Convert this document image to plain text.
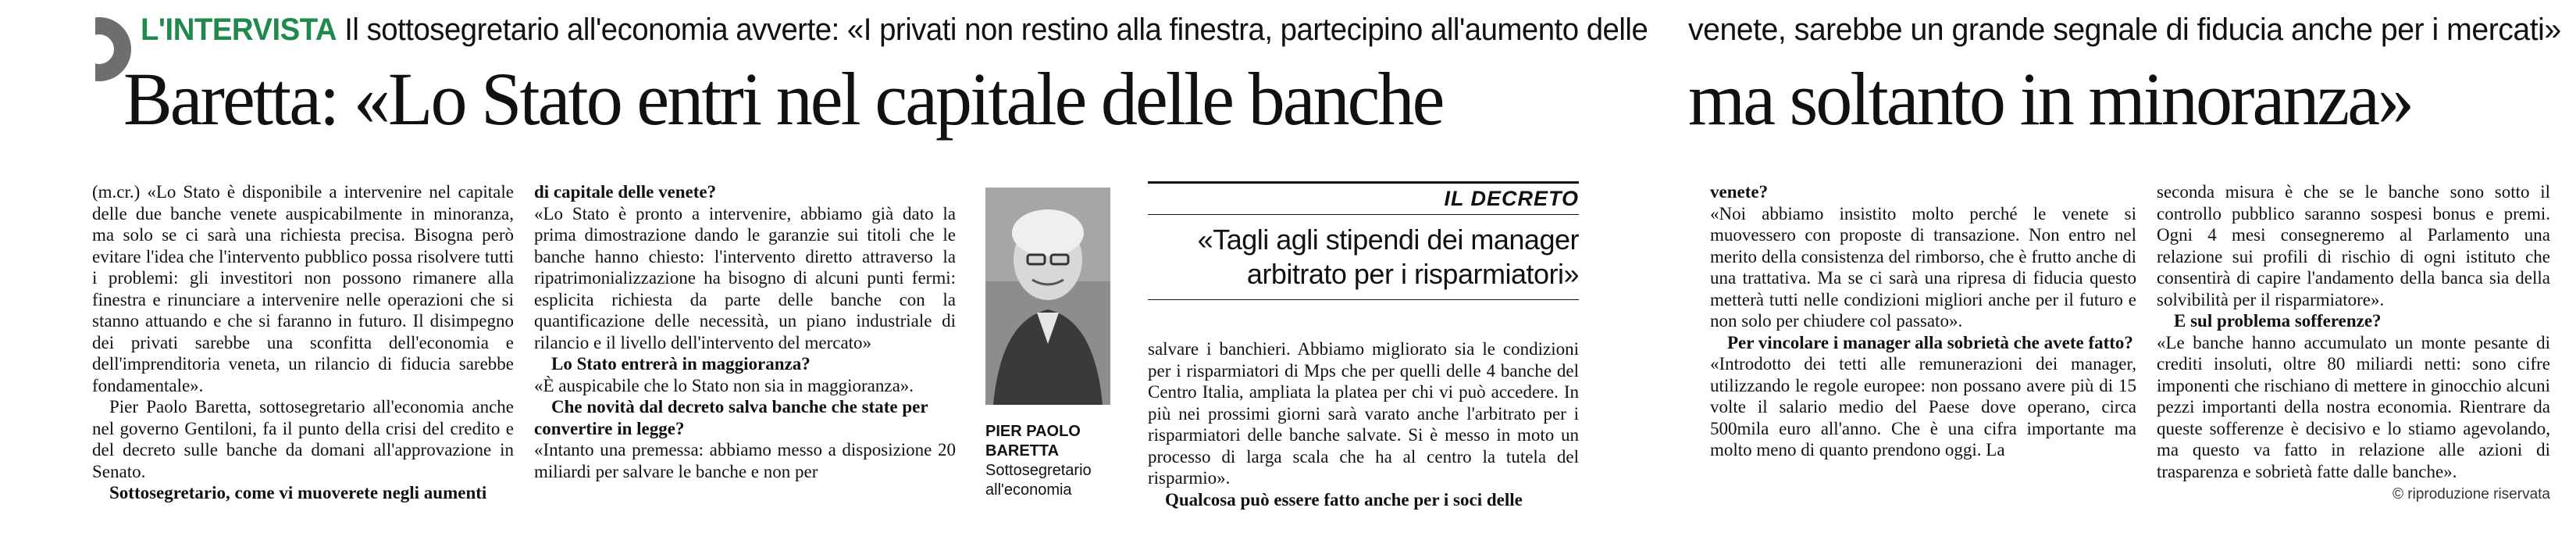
L'INTERVISTA Il sottosegretario all'economia avverte: «I privati non restino alla finestra, partecipino all'aumento delle venete, sarebbe un grande segnale di fiducia anche per i mercati»
Baretta: «Lo Stato entri nel capitale delle banche	ma soltanto in minoranza»

(m.cr.) «Lo Stato è disponibile a intervenire nel capitale delle due banche venete auspicabilmente in minoranza, ma solo se ci sarà una richiesta precisa. Bisogna però evitare l'idea che l'intervento pubblico possa risolvere tutti i problemi: gli investitori non possono rimanere alla finestra e rinunciare a intervenire nelle operazioni che si stanno attuando e che si faranno in futuro. Il disimpegno dei privati sarebbe una sconfitta dell'economia e dell'imprenditoria veneta, un rilancio di fiducia sarebbe fondamentale».

Pier Paolo Baretta, sottosegretario all'economia anche nel governo Gentiloni, fa il punto della crisi del credito e del decreto sulle banche da domani all'approvazione in Senato.

Sottosegretario, come vi muoverete negli aumenti

di capitale delle venete?

«Lo Stato è pronto a intervenire, abbiamo già dato la prima dimostrazione dando le garanzie sui titoli che le banche hanno chiesto: l'intervento diretto attraverso la ripatrimonializzazione ha bisogno di alcuni punti fermi: esplicita richiesta da parte delle banche con la quantificazione delle necessità, un piano industriale di rilancio e il livello dell'intervento del mercato»

Lo Stato entrerà in maggioranza?

«È auspicabile che lo Stato non sia in maggioranza».

Che novità dal decreto salva banche che state per convertire in legge?

«Intanto una premessa: abbiamo messo a disposizione 20 miliardi per salvare le banche e non per

PIER PAOLO
BARETTA
Sottosegretario
all'economia
IL DECRETO
«Tagli agli stipendi dei manager
arbitrato per i risparmiatori»

salvare i banchieri. Abbiamo migliorato sia le condizioni per i risparmiatori di Mps che per quelli delle 4 banche del Centro Italia, ampliata la platea per chi vi può accedere. In più nei prossimi giorni sarà varato anche l'arbitrato per i risparmiatori delle banche salvate. Si è messo in moto un processo di larga scala che ha al centro la tutela del risparmio».

Qualcosa può essere fatto anche per i soci delle

venete?

«Noi abbiamo insistito molto perché le venete si muovessero con proposte di transazione. Non entro nel merito della consistenza del rimborso, che è frutto anche di una trattativa. Ma se ci sarà una ripresa di fiducia questo metterà tutti nelle condizioni migliori anche per il futuro e non solo per chiudere col passato».

Per vincolare i manager alla sobrietà che avete fatto?

«Introdotto dei tetti alle remunerazioni dei manager, utilizzando le regole europee: non possano avere più di 15 volte il salario medio del Paese dove operano, circa 500mila euro all'anno. Che è una cifra importante ma molto meno di quanto prendono oggi. La

seconda misura è che se le banche sono sotto il controllo pubblico saranno sospesi bonus e premi. Ogni 4 mesi consegneremo al Parlamento una relazione sui profili di rischio di ogni istituto che consentirà di capire l'andamento della banca sia della solvibilità per il risparmiatore».

E sul problema sofferenze?

«Le banche hanno accumulato un monte pesante di crediti insoluti, oltre 80 miliardi netti: sono cifre imponenti che rischiano di mettere in ginocchio alcuni pezzi importanti della nostra economia. Rientrare da queste sofferenze è decisivo e lo stiamo agevolando, ma questo va fatto in relazione alle azioni di trasparenza e sobrietà fatte dalle banche».

© riproduzione riservata
